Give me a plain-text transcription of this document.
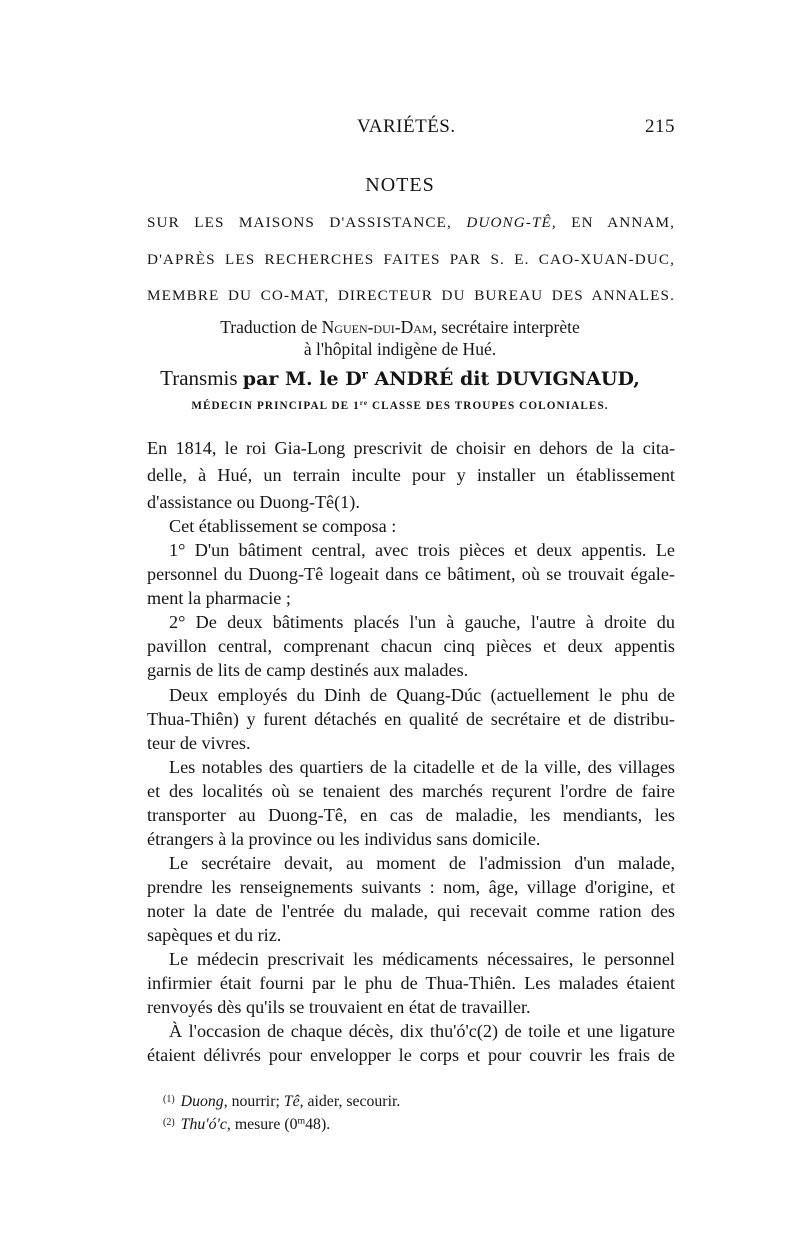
VARIÉTÉS.	215
NOTES
SUR LES MAISONS D'ASSISTANCE, DUONG-TÊ, EN ANNAM,
D'APRÈS LES RECHERCHES FAITES PAR S. E. CAO-XUAN-DUC,
MEMBRE DU CO-MAT, DIRECTEUR DU BUREAU DES ANNALES.
Traduction de Nguen-dui-Dam, secrétaire interprète
à l'hôpital indigène de Hué.
Transmis par M. le $D^r$ ANDRÉ dit DUVIGNAUD,
MÉDECIN PRINCIPAL DE 1re CLASSE DES TROUPES COLONIALES.
En 1814, le roi Gia-Long prescrivit de choisir en dehors de la cita-
delle, à Hué, un terrain inculte pour y installer un établissement
d'assistance ou Duong-Tê(1).
Cet établissement se composa :
1° D'un bâtiment central, avec trois pièces et deux appentis. Le
personnel du Duong-Tê logeait dans ce bâtiment, où se trouvait égale-
ment la pharmacie ;
2° De deux bâtiments placés l'un à gauche, l'autre à droite du
pavillon central, comprenant chacun cinq pièces et deux appentis
garnis de lits de camp destinés aux malades.
Deux employés du Dinh de Quang-Dúc (actuellement le phu de
Thua-Thiên) y furent détachés en qualité de secrétaire et de distribu-
teur de vivres.
Les notables des quartiers de la citadelle et de la ville, des villages
et des localités où se tenaient des marchés reçurent l'ordre de faire
transporter au Duong-Tê, en cas de maladie, les mendiants, les
étrangers à la province ou les individus sans domicile.
Le secrétaire devait, au moment de l'admission d'un malade,
prendre les renseignements suivants : nom, âge, village d'origine, et
noter la date de l'entrée du malade, qui recevait comme ration des
sapèques et du riz.
Le médecin prescrivait les médicaments nécessaires, le personnel
infirmier était fourni par le phu de Thua-Thiên. Les malades étaient
renvoyés dès qu'ils se trouvaient en état de travailler.
À l'occasion de chaque décès, dix thu'ó'c(2) de toile et une ligature
étaient délivrés pour envelopper le corps et pour couvrir les frais de
$^{(1)}$ Duong, nourrir; Tê, aider, secourir.
$^{(2)}$ Thu'ó'c, mesure (0$^m$48).
